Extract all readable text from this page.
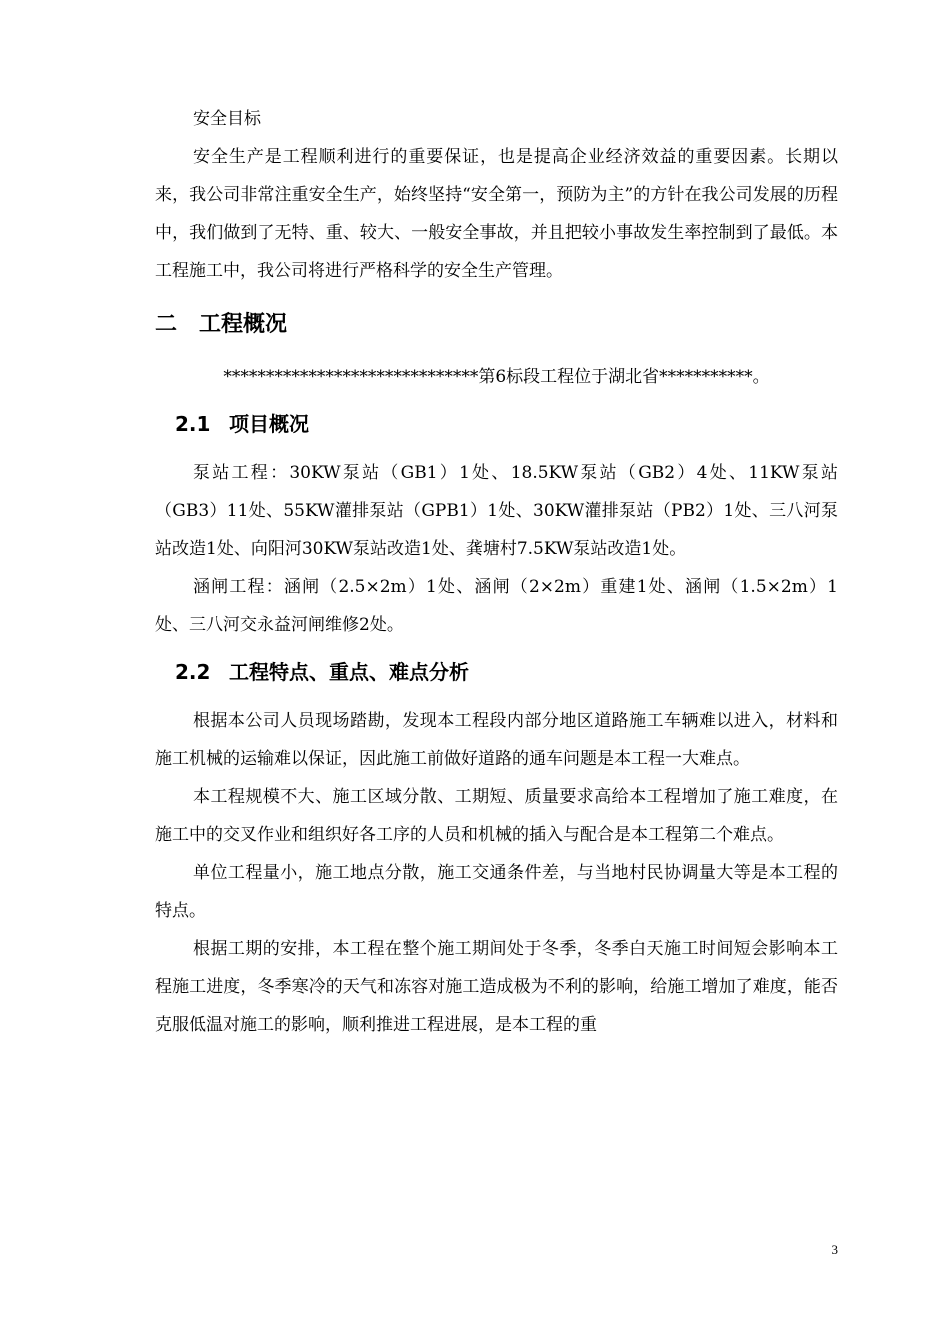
安全目标

安全生产是工程顺利进行的重要保证，也是提高企业经济效益的重要因素。长期以来，我公司非常注重安全生产，始终坚持“安全第一，预防为主”的方针在我公司发展的历程中，我们做到了无特、重、较大、一般安全事故，并且把较小事故发生率控制到了最低。本工程施工中，我公司将进行严格科学的安全生产管理。

二 工程概况

******************************第6标段工程位于湖北省***********。

2.1 项目概况

泵站工程：30KW泵站（GB1）1处、18.5KW泵站（GB2）4处、11KW泵站（GB3）11处、55KW灌排泵站（GPB1）1处、30KW灌排泵站（PB2）1处、三八河泵站改造1处、向阳河30KW泵站改造1处、龚塘村7.5KW泵站改造1处。

涵闸工程：涵闸（2.5×2m）1处、涵闸（2×2m）重建1处、涵闸（1.5×2m）1处、三八河交永益河闸维修2处。

2.2 工程特点、重点、难点分析

根据本公司人员现场踏勘，发现本工程段内部分地区道路施工车辆难以进入，材料和施工机械的运输难以保证，因此施工前做好道路的通车问题是本工程一大难点。

本工程规模不大、施工区域分散、工期短、质量要求高给本工程增加了施工难度，在施工中的交叉作业和组织好各工序的人员和机械的插入与配合是本工程第二个难点。

单位工程量小，施工地点分散，施工交通条件差，与当地村民协调量大等是本工程的特点。

根据工期的安排，本工程在整个施工期间处于冬季，冬季白天施工时间短会影响本工程施工进度，冬季寒冷的天气和冻容对施工造成极为不利的影响，给施工增加了难度，能否克服低温对施工的影响，顺利推进工程进展，是本工程的重

3
